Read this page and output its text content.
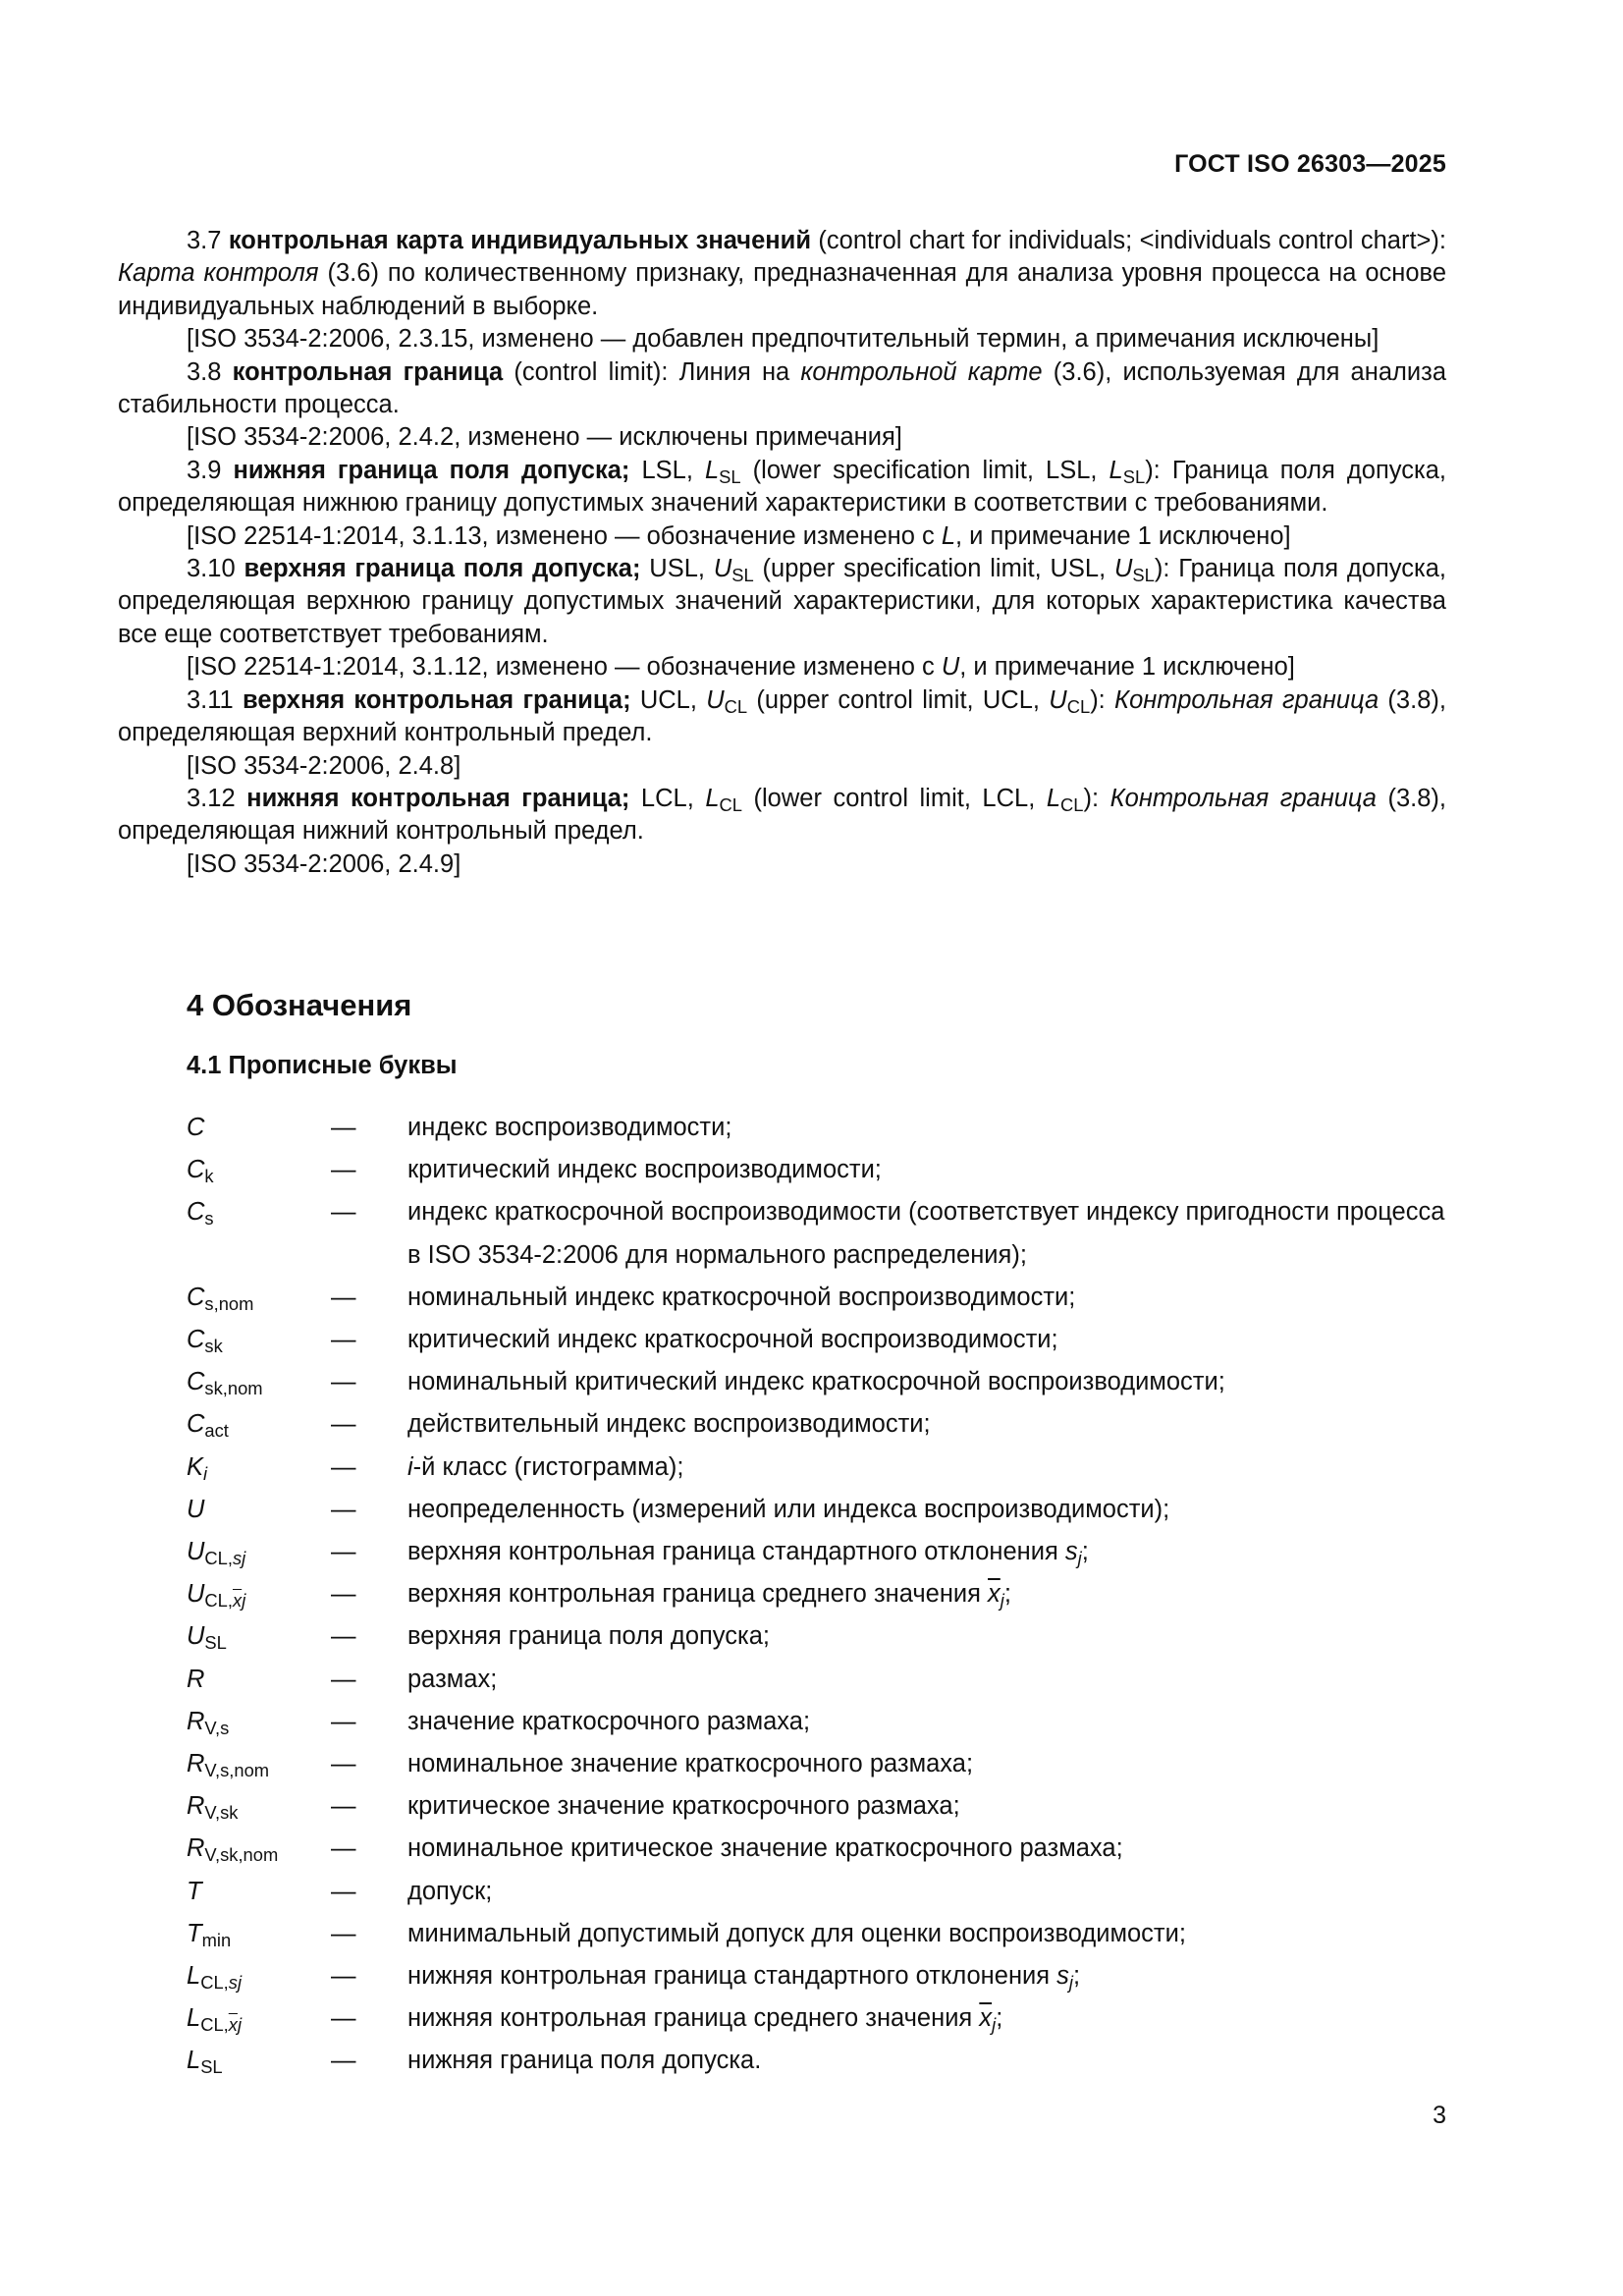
ГОСТ ISO 26303—2025

3.7 контрольная карта индивидуальных значений (control chart for individuals; <individuals control chart>): Карта контроля (3.6) по количественному признаку, предназначенная для анализа уровня процесса на основе индивидуальных наблюдений в выборке.

[ISO 3534-2:2006, 2.3.15, изменено — добавлен предпочтительный термин, а примечания исключены]

3.8 контрольная граница (control limit): Линия на контрольной карте (3.6), используемая для анализа стабильности процесса.

[ISO 3534-2:2006, 2.4.2, изменено — исключены примечания]

3.9 нижняя граница поля допуска; LSL, $L_{SL}$ (lower specification limit, LSL, $L_{SL}$): Граница поля допуска, определяющая нижнюю границу допустимых значений характеристики в соответствии с требованиями.

[ISO 22514-1:2014, 3.1.13, изменено — обозначение изменено с L, и примечание 1 исключено]

3.10 верхняя граница поля допуска; USL, $U_{SL}$ (upper specification limit, USL, $U_{SL}$): Граница поля допуска, определяющая верхнюю границу допустимых значений характеристики, для которых характеристика качества все еще соответствует требованиям.

[ISO 22514-1:2014, 3.1.12, изменено — обозначение изменено с U, и примечание 1 исключено]

3.11 верхняя контрольная граница; UCL, $U_{CL}$ (upper control limit, UCL, $U_{CL}$): Контрольная граница (3.8), определяющая верхний контрольный предел.

[ISO 3534-2:2006, 2.4.8]

3.12 нижняя контрольная граница; LCL, $L_{CL}$ (lower control limit, LCL, $L_{CL}$): Контрольная граница (3.8), определяющая нижний контрольный предел.

[ISO 3534-2:2006, 2.4.9]

4 Обозначения
4.1 Прописные буквы
C	—	индекс воспроизводимости;
$C_k$	—	критический индекс воспроизводимости;
$C_s$	—	индекс краткосрочной воспроизводимости (соответствует индексу пригодности процесса в ISO 3534-2:2006 для нормального распределения);
$C_{s,nom}$	—	номинальный индекс краткосрочной воспроизводимости;
$C_{sk}$	—	критический индекс краткосрочной воспроизводимости;
$C_{sk,nom}$	—	номинальный критический индекс краткосрочной воспроизводимости;
$C_{act}$	—	действительный индекс воспроизводимости;
$K_i$	—	i-й класс (гистограмма);
U	—	неопределенность (измерений или индекса воспроизводимости);
$U_{CL,sj}$	—	верхняя контрольная граница стандартного отклонения $s_j$;
$U_{CL,\overline{x}j}$	—	верхняя контрольная граница среднего значения $\overline{x}_j$;
$U_{SL}$	—	верхняя граница поля допуска;
R	—	размах;
$R_{V,s}$	—	значение краткосрочного размаха;
$R_{V,s,nom}$	—	номинальное значение краткосрочного размаха;
$R_{V,sk}$	—	критическое значение краткосрочного размаха;
$R_{V,sk,nom}$	—	номинальное критическое значение краткосрочного размаха;
T	—	допуск;
$T_{min}$	—	минимальный допустимый допуск для оценки воспроизводимости;
$L_{CL,sj}$	—	нижняя контрольная граница стандартного отклонения $s_j$;
$L_{CL,\overline{x}j}$	—	нижняя контрольная граница среднего значения $\overline{x}_j$;
$L_{SL}$	—	нижняя граница поля допуска.
3
